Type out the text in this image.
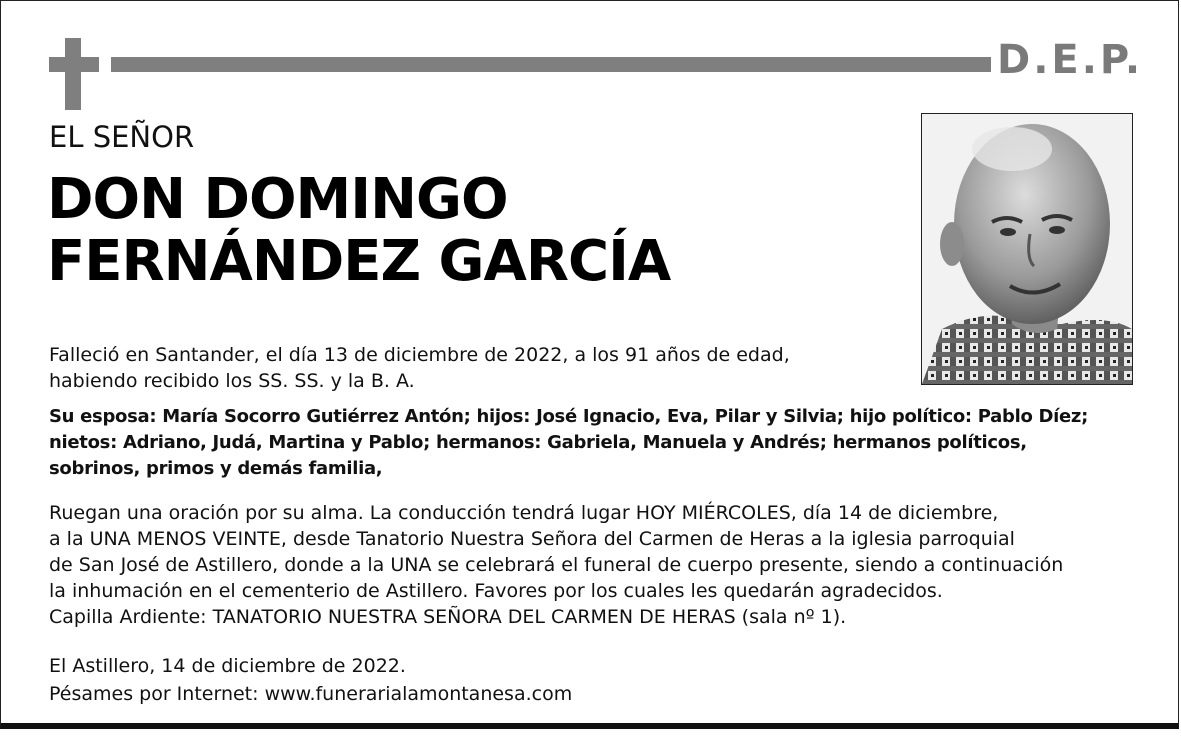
D.E.P.
EL SEÑOR
DON DOMINGO
FERNÁNDEZ GARCÍA
Falleció en Santander, el día 13 de diciembre de 2022, a los 91 años de edad,
habiendo recibido los SS. SS. y la B. A.
Su esposa: María Socorro Gutiérrez Antón; hijos: José Ignacio, Eva, Pilar y Silvia; hijo político: Pablo Díez;
nietos: Adriano, Judá, Martina y Pablo; hermanos: Gabriela, Manuela y Andrés; hermanos políticos,
sobrinos, primos y demás familia,
Ruegan una oración por su alma. La conducción tendrá lugar HOY MIÉRCOLES, día 14 de diciembre,
a la UNA MENOS VEINTE, desde Tanatorio Nuestra Señora del Carmen de Heras a la iglesia parroquial
de San José de Astillero, donde a la UNA se celebrará el funeral de cuerpo presente, siendo a continuación
la inhumación en el cementerio de Astillero. Favores por los cuales les quedarán agradecidos.
Capilla Ardiente: TANATORIO NUESTRA SEÑORA DEL CARMEN DE HERAS (sala nº 1).
El Astillero, 14 de diciembre de 2022.
Pésames por Internet: www.funerarialamontanesa.com
